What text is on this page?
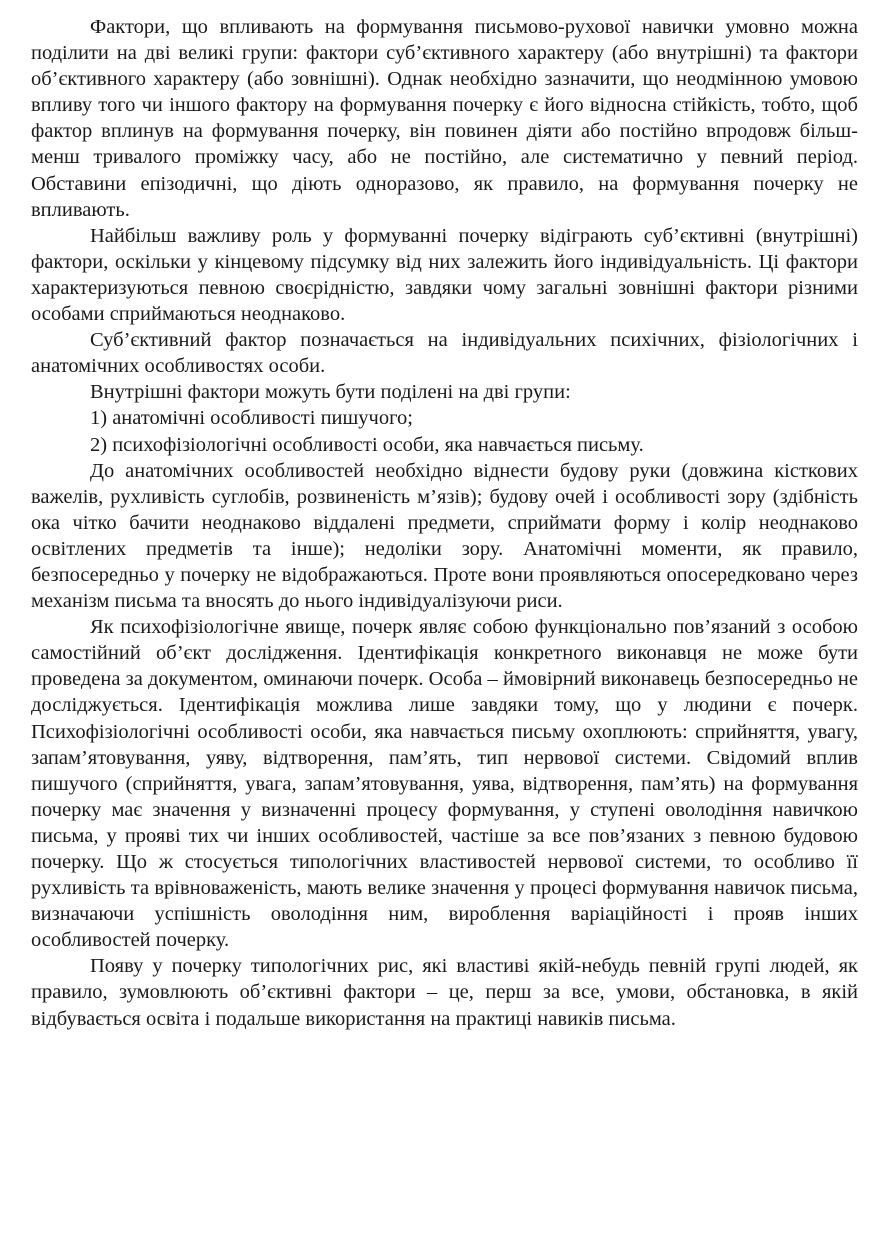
Фактори, що впливають на формування письмово-рухової навички умовно можна поділити на дві великі групи: фактори суб’єктивного характеру (або внутрішні) та фактори об’єктивного характеру (або зовнішні). Однак необхідно зазначити, що неодмінною умовою впливу того чи іншого фактору на формування почерку є його відносна стійкість, тобто, щоб фактор вплинув на формування почерку, він повинен діяти або постійно впродовж більш-менш тривалого проміжку часу, або не постійно, але систематично у певний період. Обставини епізодичні, що діють одноразово, як правило, на формування почерку не впливають.

Найбільш важливу роль у формуванні почерку відіграють суб’єктивні (внутрішні) фактори, оскільки у кінцевому підсумку від них залежить його індивідуальність. Ці фактори характеризуються певною своєрідністю, завдяки чому загальні зовнішні фактори різними особами сприймаються неоднаково.

Суб’єктивний фактор позначається на індивідуальних психічних, фізіологічних і анатомічних особливостях особи.

Внутрішні фактори можуть бути поділені на дві групи:

1) анатомічні особливості пишучого;

2) психофізіологічні особливості особи, яка навчається письму.

До анатомічних особливостей необхідно віднести будову руки (довжина кісткових важелів, рухливість суглобів, розвиненість м’язів); будову очей і особливості зору (здібність ока чітко бачити неоднаково віддалені предмети, сприймати форму і колір неоднаково освітлених предметів та інше); недоліки зору. Анатомічні моменти, як правило, безпосередньо у почерку не відображаються. Проте вони проявляються опосередковано через механізм письма та вносять до нього індивідуалізуючи риси.

Як психофізіологічне явище, почерк являє собою функціонально пов’язаний з особою самостійний об’єкт дослідження. Ідентифікація конкретного виконавця не може бути проведена за документом, оминаючи почерк. Особа – ймовірний виконавець безпосередньо не досліджується. Ідентифікація можлива лише завдяки тому, що у людини є почерк. Психофізіологічні особливості особи, яка навчається письму охоплюють: сприйняття, увагу, запам’ятовування, уяву, відтворення, пам’ять, тип нервової системи. Свідомий вплив пишучого (сприйняття, увага, запам’ятовування, уява, відтворення, пам’ять) на формування почерку має значення у визначенні процесу формування, у ступені оволодіння навичкою письма, у прояві тих чи інших особливостей, частіше за все пов’язаних з певною будовою почерку. Що ж стосується типологічних властивостей нервової системи, то особливо її рухливість та врівноваженість, мають велике значення у процесі формування навичок письма, визначаючи успішність оволодіння ним, вироблення варіаційності і прояв інших особливостей почерку.

Появу у почерку типологічних рис, які властиві якій-небудь певній групі людей, як правило, зумовлюють об’єктивні фактори – це, перш за все, умови, обстановка, в якій відбувається освіта і подальше використання на практиці навиків письма.
